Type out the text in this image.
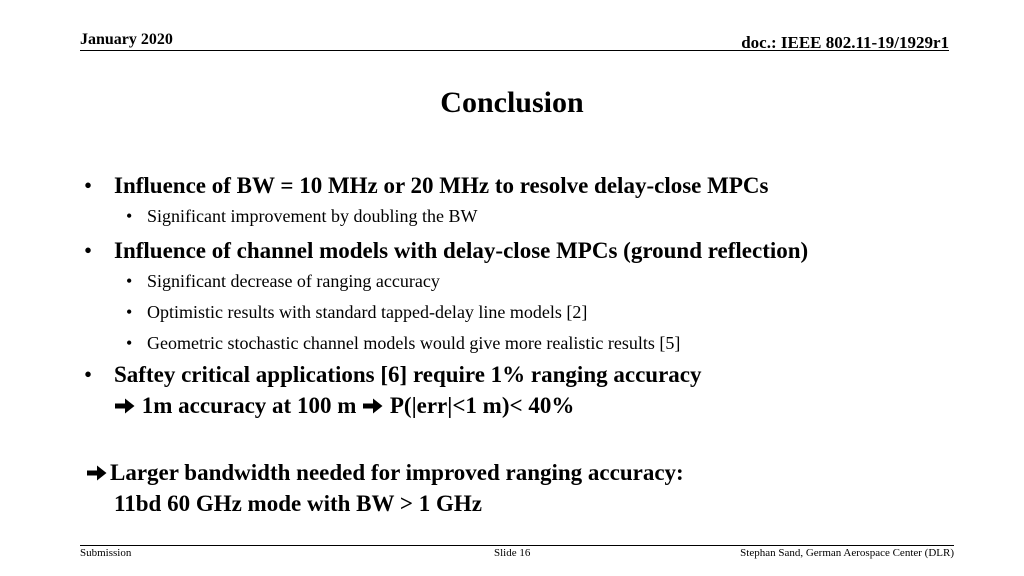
January 2020	doc.: IEEE 802.11-19/1929r1
Conclusion

• Influence of BW = 10 MHz or 20 MHz to resolve delay-close MPCs

• Significant improvement by doubling the BW

• Influence of channel models with delay-close MPCs (ground reflection)

• Significant decrease of ranging accuracy

• Optimistic results with standard tapped-delay line models [2]

• Geometric stochastic channel models would give more realistic results [5]

• Saftey critical applications [6] require 1% ranging accuracy

1m accuracy at 100 m P(|err|<1 m)< 40%

Larger bandwidth needed for improved ranging accuracy:
11bd 60 GHz mode with BW > 1 GHz
Submission	Slide 16	Stephan Sand, German Aerospace Center (DLR)
